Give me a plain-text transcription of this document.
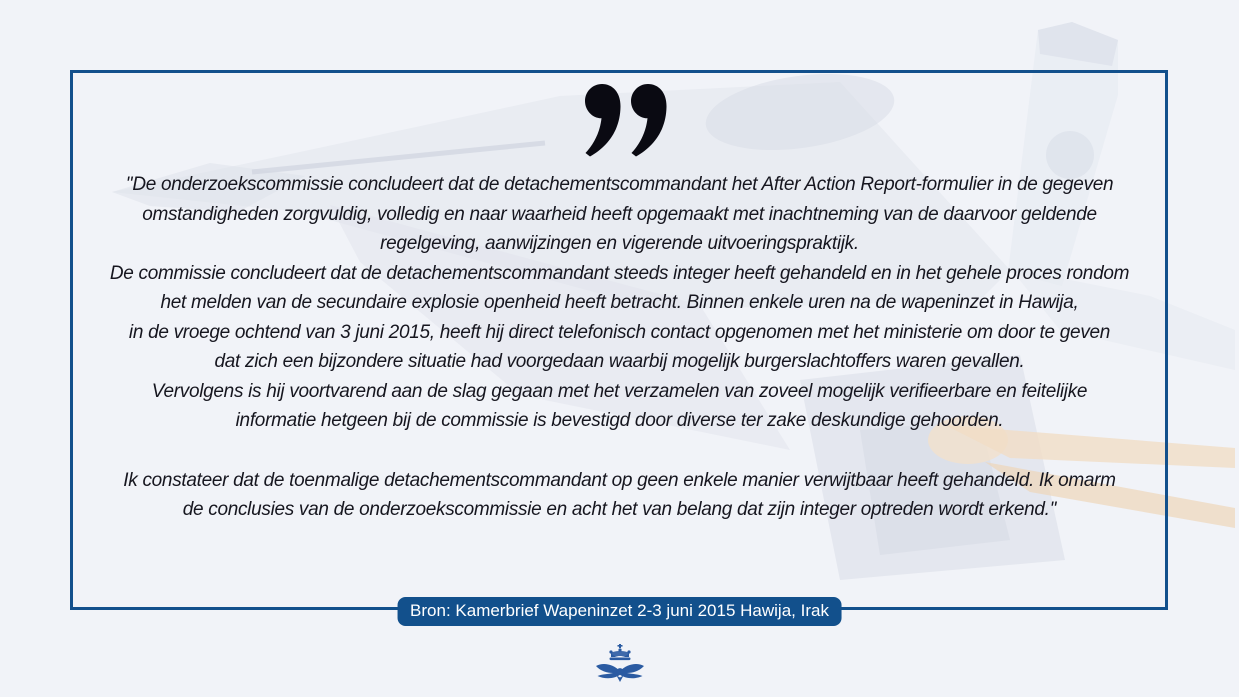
''De onderzoekscommissie concludeert dat de detachementscommandant het After Action Report-formulier in de gegeven
omstandigheden zorgvuldig, volledig en naar waarheid heeft opgemaakt met inachtneming van de daarvoor geldende
regelgeving, aanwijzingen en vigerende uitvoeringspraktijk.
De commissie concludeert dat de detachementscommandant steeds integer heeft gehandeld en in het gehele proces rondom
het melden van de secundaire explosie openheid heeft betracht. Binnen enkele uren na de wapeninzet in Hawija,
in de vroege ochtend van 3 juni 2015, heeft hij direct telefonisch contact opgenomen met het ministerie om door te geven
dat zich een bijzondere situatie had voorgedaan waarbij mogelijk burgerslachtoffers waren gevallen.
Vervolgens is hij voortvarend aan de slag gegaan met het verzamelen van zoveel mogelijk verifieerbare en feitelijke
informatie hetgeen bij de commissie is bevestigd door diverse ter zake deskundige gehoorden.
Ik constateer dat de toenmalige detachementscommandant op geen enkele manier verwijtbaar heeft gehandeld. Ik omarm
de conclusies van de onderzoekscommissie en acht het van belang dat zijn integer optreden wordt erkend.''
Bron: Kamerbrief Wapeninzet 2-3 juni 2015 Hawija, Irak
